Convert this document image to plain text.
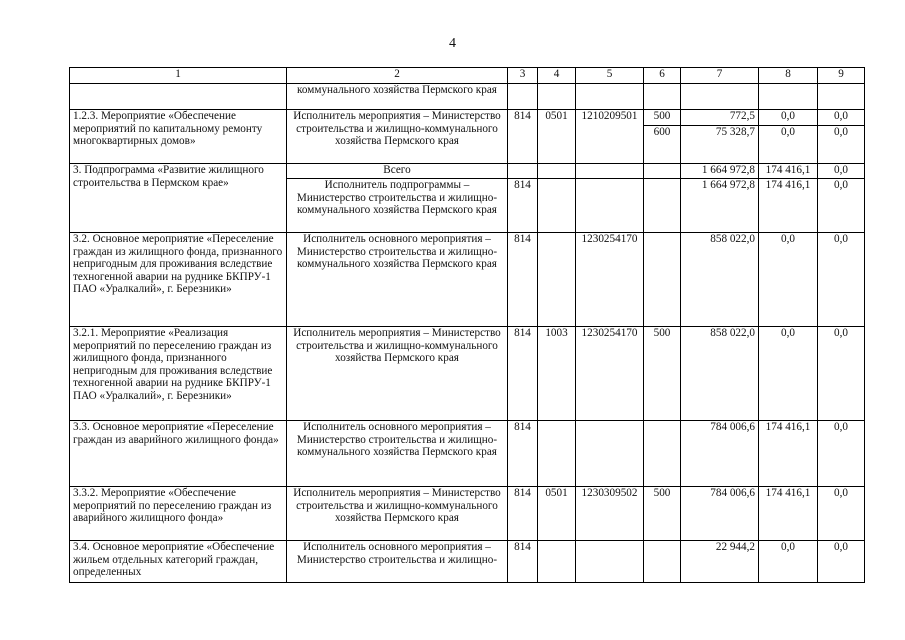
4
1	2	3	4	5	6	7	8	9
	коммунального хозяйства Пермского края							
1.2.3. Мероприятие «Обеспечение мероприятий по капитальному ремонту многоквартирных домов»	Исполнитель мероприятия – Министерство строительства и жилищно-коммунального хозяйства Пермского края	814	0501	1210209501	500	772,5	0,0	0,0
					600	75 328,7	0,0	0,0
3. Подпрограмма «Развитие жилищного строительства в Пермском крае»	Всего					1 664 972,8	174 416,1	0,0
	Исполнитель подпрограммы – Министерство строительства и жилищно-коммунального хозяйства Пермского края	814				1 664 972,8	174 416,1	0,0
3.2. Основное мероприятие «Переселение граждан из жилищного фонда, признанного непригодным для проживания вследствие техногенной аварии на руднике БКПРУ-1 ПАО «Уралкалий», г. Березники»	Исполнитель основного мероприятия – Министерство строительства и жилищно-коммунального хозяйства Пермского края	814		1230254170		858 022,0	0,0	0,0
3.2.1. Мероприятие «Реализация мероприятий по переселению граждан из жилищного фонда, признанного непригодным для проживания вследствие техногенной аварии на руднике БКПРУ-1 ПАО «Уралкалий», г. Березники»	Исполнитель мероприятия – Министерство строительства и жилищно-коммунального хозяйства Пермского края	814	1003	1230254170	500	858 022,0	0,0	0,0
3.3. Основное мероприятие «Переселение граждан из аварийного жилищного фонда»	Исполнитель основного мероприятия – Министерство строительства и жилищно-коммунального хозяйства Пермского края	814				784 006,6	174 416,1	0,0
3.3.2. Мероприятие «Обеспечение мероприятий по переселению граждан из аварийного жилищного фонда»	Исполнитель мероприятия – Министерство строительства и жилищно-коммунального хозяйства Пермского края	814	0501	1230309502	500	784 006,6	174 416,1	0,0
3.4. Основное мероприятие «Обеспечение жильем отдельных категорий граждан, определенных	Исполнитель основного мероприятия – Министерство строительства и жилищно-	814				22 944,2	0,0	0,0
